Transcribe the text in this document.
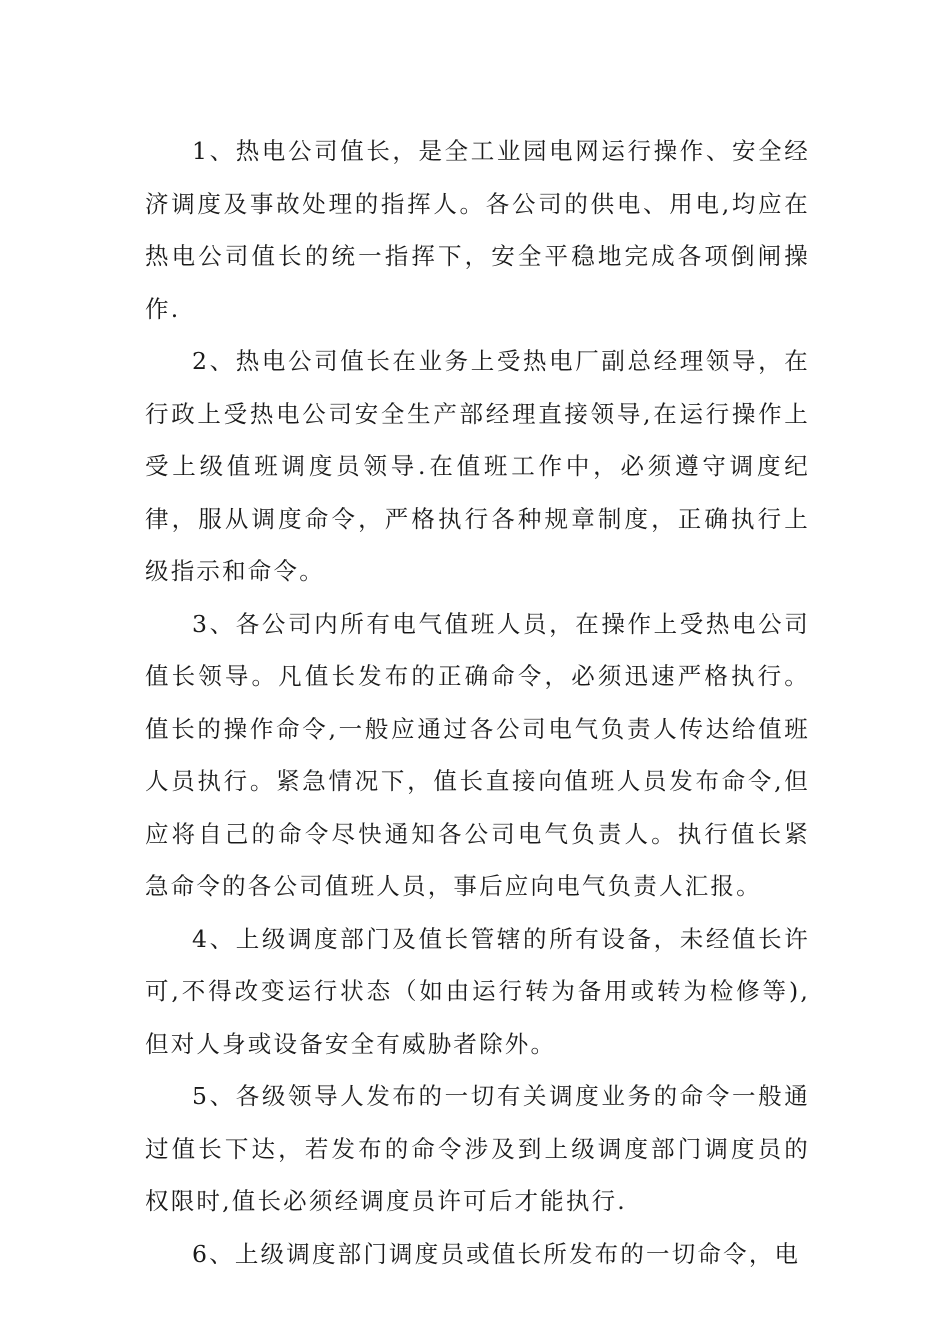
1、热电公司值长，是全工业园电网运行操作、安全经济调度及事故处理的指挥人。各公司的供电、用电,均应在热电公司值长的统一指挥下，安全平稳地完成各项倒闸操作.

2、热电公司值长在业务上受热电厂副总经理领导，在行政上受热电公司安全生产部经理直接领导,在运行操作上受上级值班调度员领导.在值班工作中，必须遵守调度纪律，服从调度命令，严格执行各种规章制度，正确执行上级指示和命令。

3、各公司内所有电气值班人员，在操作上受热电公司值长领导。凡值长发布的正确命令，必须迅速严格执行。值长的操作命令,一般应通过各公司电气负责人传达给值班人员执行。紧急情况下，值长直接向值班人员发布命令,但应将自己的命令尽快通知各公司电气负责人。执行值长紧急命令的各公司值班人员，事后应向电气负责人汇报。

4、上级调度部门及值长管辖的所有设备，未经值长许可,不得改变运行状态（如由运行转为备用或转为检修等),但对人身或设备安全有威胁者除外。

5、各级领导人发布的一切有关调度业务的命令一般通过值长下达，若发布的命令涉及到上级调度部门调度员的权限时,值长必须经调度员许可后才能执行.

6、上级调度部门调度员或值长所发布的一切命令，电
